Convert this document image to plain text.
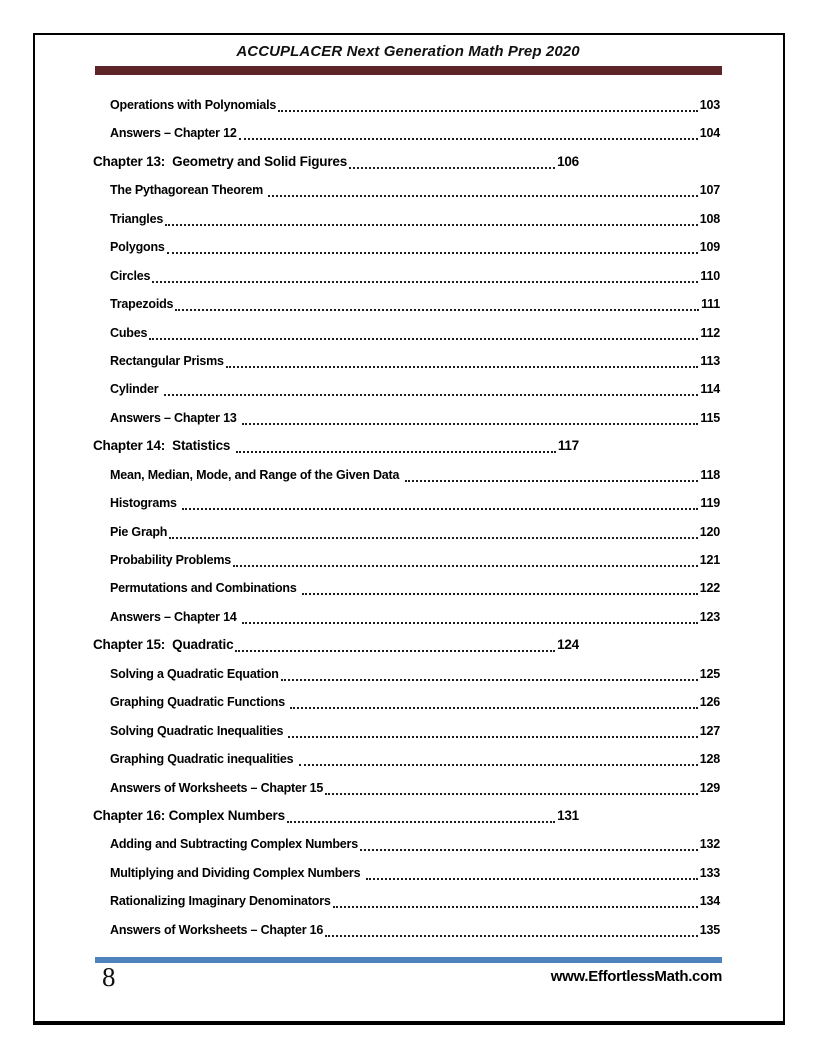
ACCUPLACER Next Generation Math Prep 2020
Operations with Polynomials	103
Answers – Chapter 12	104
Chapter 13:  Geometry and Solid Figures	106
The Pythagorean Theorem	107
Triangles	108
Polygons	109
Circles	110
Trapezoids	111
Cubes	112
Rectangular Prisms	113
Cylinder	114
Answers – Chapter 13	115
Chapter 14:  Statistics	117
Mean, Median, Mode, and Range of the Given Data	118
Histograms	119
Pie Graph	120
Probability Problems	121
Permutations and Combinations	122
Answers – Chapter 14	123
Chapter 15:  Quadratic	124
Solving a Quadratic Equation	125
Graphing Quadratic Functions	126
Solving Quadratic Inequalities	127
Graphing Quadratic inequalities	128
Answers of Worksheets – Chapter 15	129
Chapter 16: Complex Numbers	131
Adding and Subtracting Complex Numbers	132
Multiplying and Dividing Complex Numbers	133
Rationalizing Imaginary Denominators	134
Answers of Worksheets – Chapter 16	135
8	www.EffortlessMath.com
